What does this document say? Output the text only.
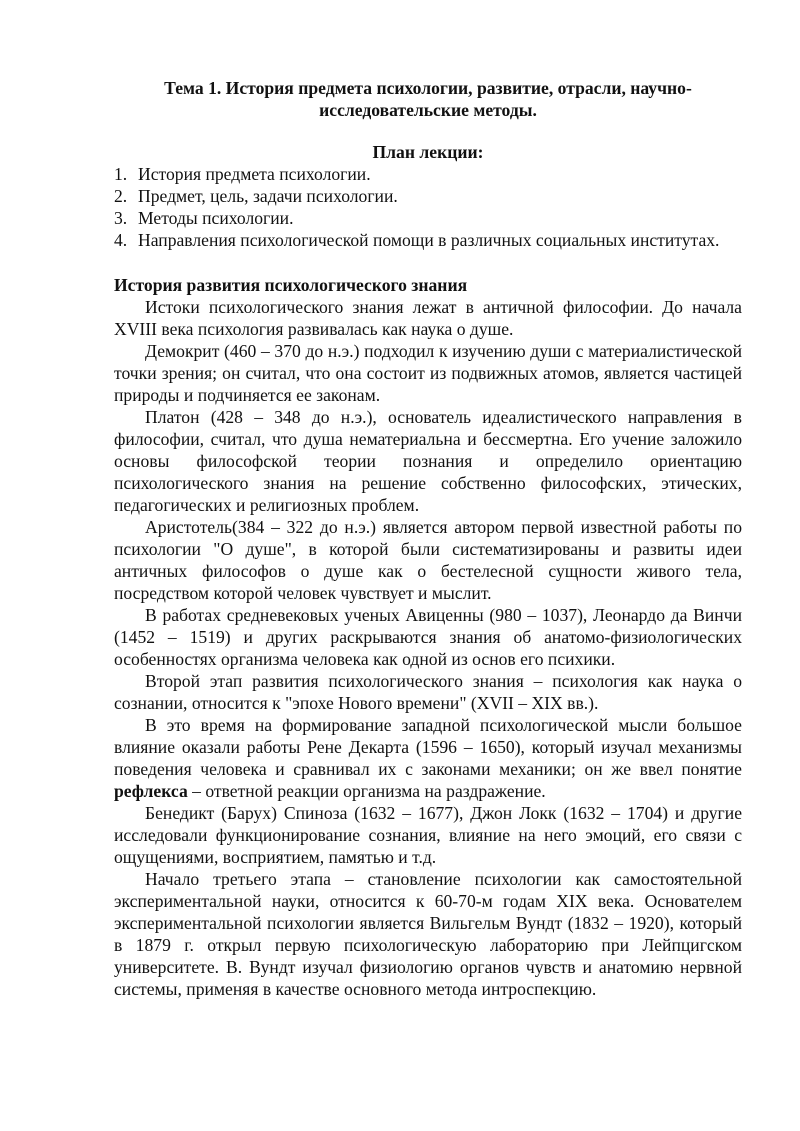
Тема 1. История предмета психологии, развитие, отрасли, научно-исследовательские методы.

План лекции:

1. История предмета психологии.
2. Предмет, цель, задачи психологии.
3. Методы психологии.
4. Направления психологической помощи в различных социальных институтах.

История развития психологического знания

Истоки психологического знания лежат в античной философии. До начала XVIII века психология развивалась как наука о душе.

Демокрит (460 – 370 до н.э.) подходил к изучению души с материалистической точки зрения; он считал, что она состоит из подвижных атомов, является частицей природы и подчиняется ее законам.

Платон (428 – 348 до н.э.), основатель идеалистического направления в философии, считал, что душа нематериальна и бессмертна. Его учение заложило основы философской теории познания и определило ориентацию психологического знания на решение собственно философских, этических, педагогических и религиозных проблем.

Аристотель(384 – 322 до н.э.) является автором первой известной работы по психологии "О душе", в которой были систематизированы и развиты идеи античных философов о душе как о бестелесной сущности живого тела, посредством которой человек чувствует и мыслит.

В работах средневековых ученых Авиценны (980 – 1037), Леонардо да Винчи (1452 – 1519) и других раскрываются знания об анатомо-физиологических особенностях организма человека как одной из основ его психики.

Второй этап развития психологического знания – психология как наука о сознании, относится к "эпохе Нового времени" (XVII – XIX вв.).

В это время на формирование западной психологической мысли большое влияние оказали работы Рене Декарта (1596 – 1650), который изучал механизмы поведения человека и сравнивал их с законами механики; он же ввел понятие рефлекса – ответной реакции организма на раздражение.

Бенедикт (Барух) Спиноза (1632 – 1677), Джон Локк (1632 – 1704) и другие исследовали функционирование сознания, влияние на него эмоций, его связи с ощущениями, восприятием, памятью и т.д.

Начало третьего этапа – становление психологии как самостоятельной экспериментальной науки, относится к 60-70-м годам XIX века. Основателем экспериментальной психологии является Вильгельм Вундт (1832 – 1920), который в 1879 г. открыл первую психологическую лабораторию при Лейпцигском университете. В. Вундт изучал физиологию органов чувств и анатомию нервной системы, применяя в качестве основного метода интроспекцию.
